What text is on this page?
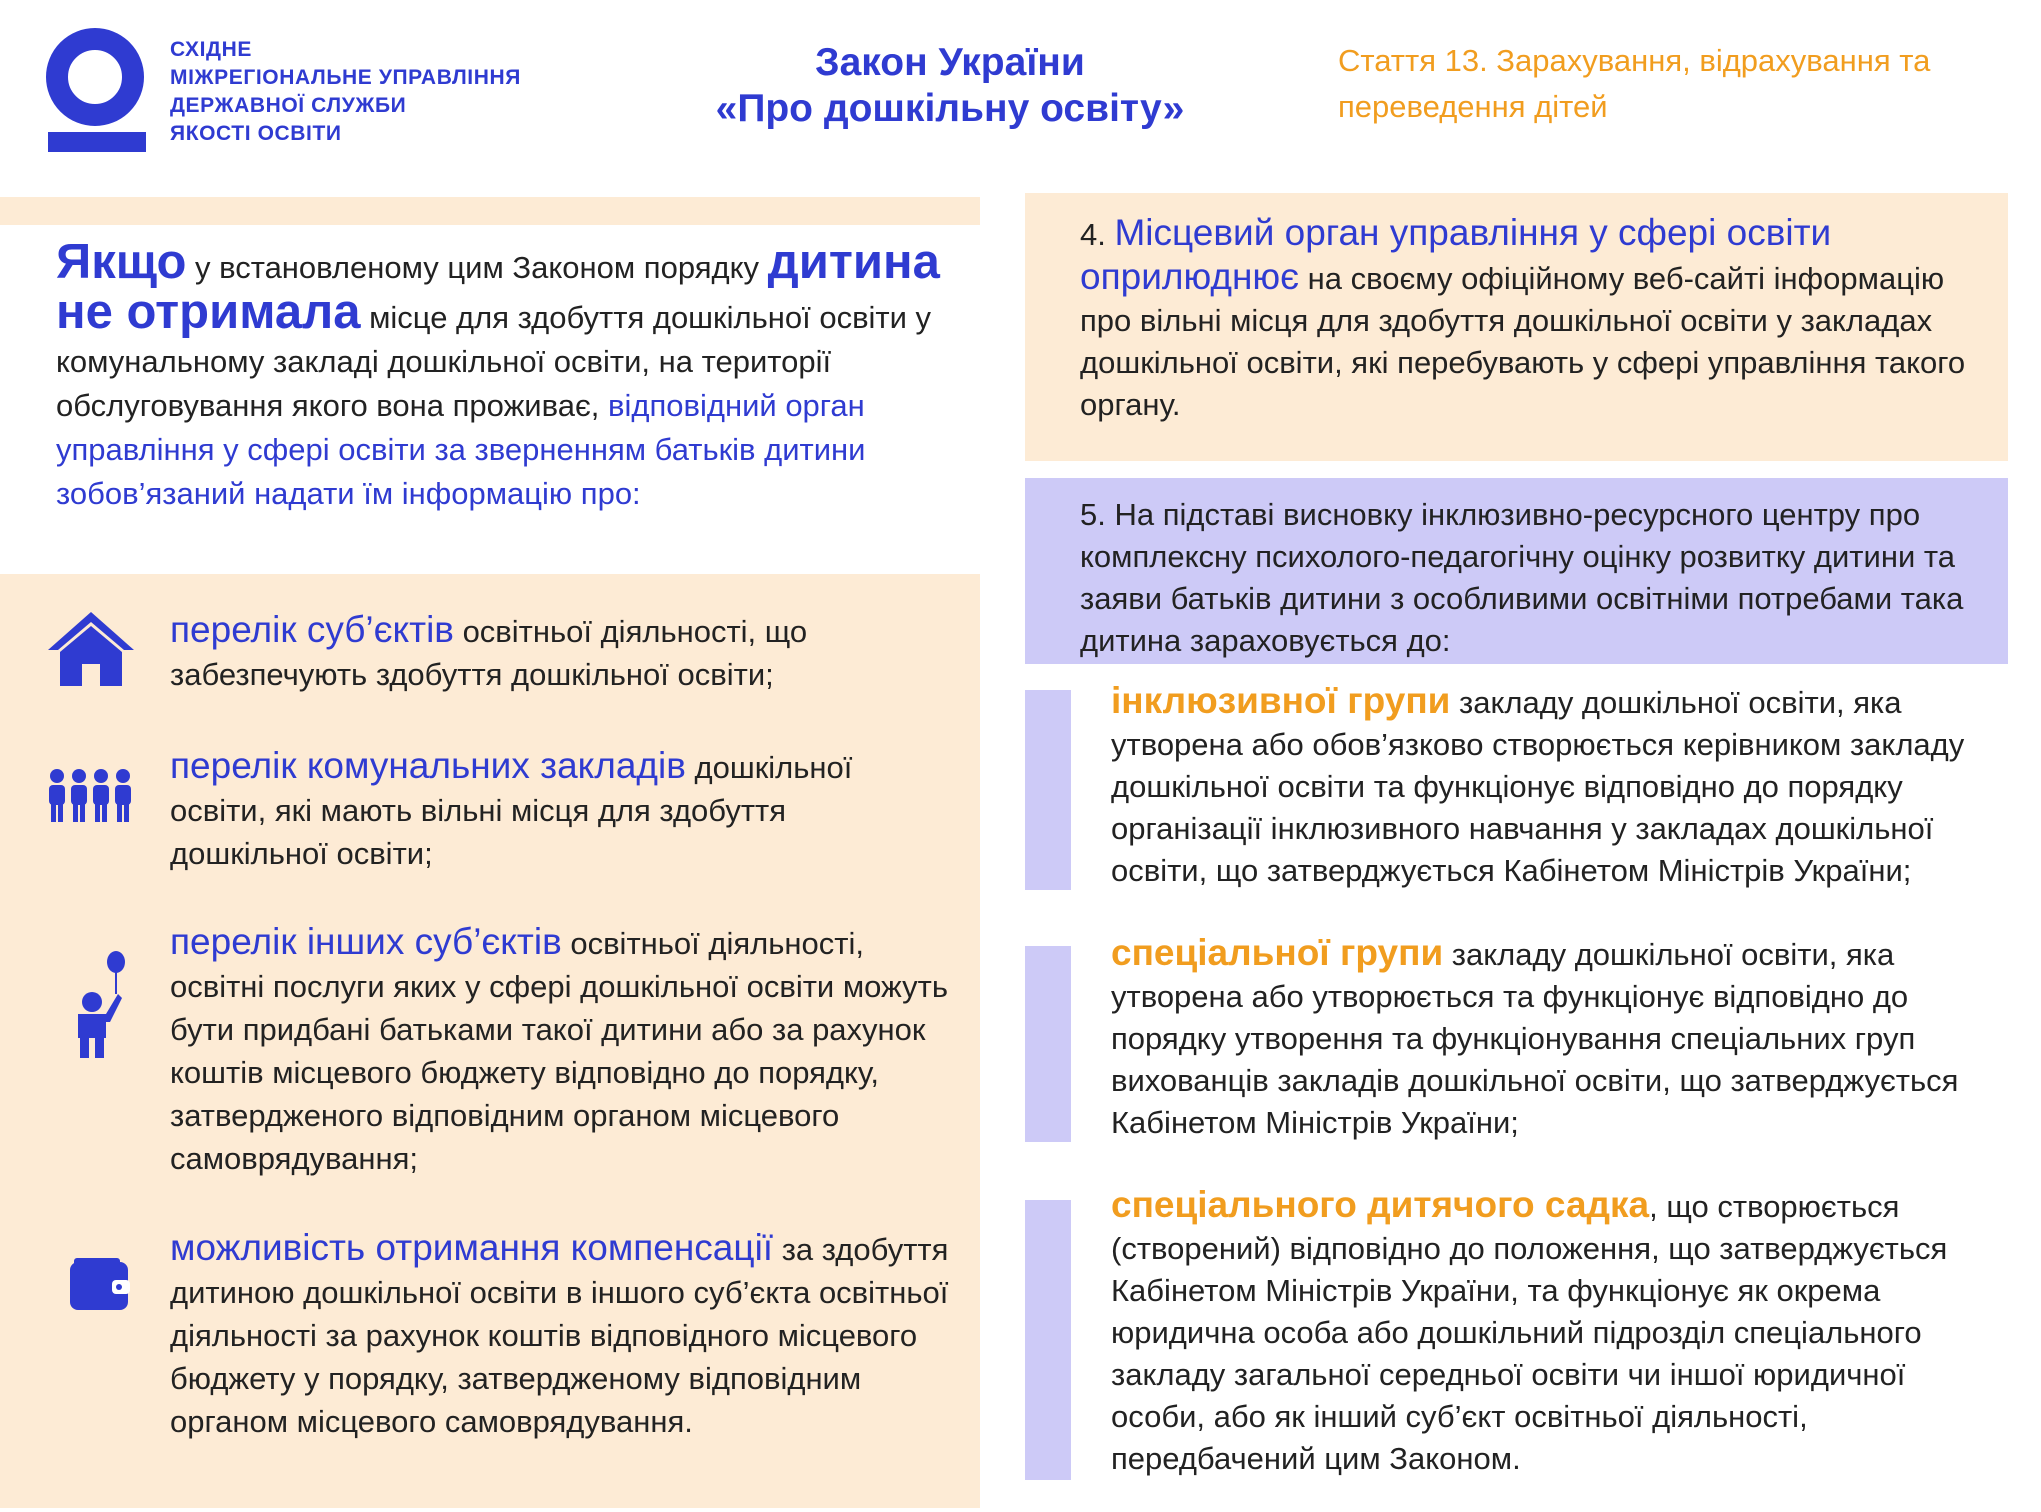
СХІДНЕ
МІЖРЕГІОНАЛЬНЕ УПРАВЛІННЯ
ДЕРЖАВНОЇ СЛУЖБИ
ЯКОСТІ ОСВІТИ
Закон України
«Про дошкільну освіту»
Стаття 13. Зарахування, відрахування та переведення дітей
Якщо у встановленому цим Законом порядку дитина не отримала місце для здобуття дошкільної освіти у комунальному закладі дошкільної освіти, на території обслуговування якого вона проживає, відповідний орган управління у сфері освіти за зверненням батьків дитини зобов’язаний надати їм інформацію про:
перелік суб’єктів освітньої діяльності, що забезпечують здобуття дошкільної освіти;
перелік комунальних закладів дошкільної освіти, які мають вільні місця для здобуття дошкільної освіти;
перелік інших суб’єктів освітньої діяльності, освітні послуги яких у сфері дошкільної освіти можуть бути придбані батьками такої дитини або за рахунок коштів місцевого бюджету відповідно до порядку, затвердженого відповідним органом місцевого самоврядування;
можливість отримання компенсації за здобуття дитиною дошкільної освіти в іншого суб’єкта освітньої діяльності за рахунок коштів відповідного місцевого бюджету у порядку, затвердженому відповідним органом місцевого самоврядування.
4. Місцевий орган управління у сфері освіти
оприлюднює на своєму офіційному веб-сайті інформацію про вільні місця для здобуття дошкільної освіти у закладах дошкільної освіти, які перебувають у сфері управління такого органу.
5. На підставі висновку інклюзивно-ресурсного центру про комплексну психолого-педагогічну оцінку розвитку дитини та заяви батьків дитини з особливими освітніми потребами така дитина зараховується до:
інклюзивної групи закладу дошкільної освіти, яка утворена або обов’язково створюється керівником закладу дошкільної освіти та функціонує відповідно до порядку організації інклюзивного навчання у закладах дошкільної освіти, що затверджується Кабінетом Міністрів України;
спеціальної групи закладу дошкільної освіти, яка утворена або утворюється та функціонує відповідно до порядку утворення та функціонування спеціальних груп вихованців закладів дошкільної освіти, що затверджується Кабінетом Міністрів України;
спеціального дитячого садка, що створюється (створений) відповідно до положення, що затверджується Кабінетом Міністрів України, та функціонує як окрема юридична особа або дошкільний підрозділ спеціального закладу загальної середньої освіти чи іншої юридичної особи, або як інший суб’єкт освітньої діяльності, передбачений цим Законом.
